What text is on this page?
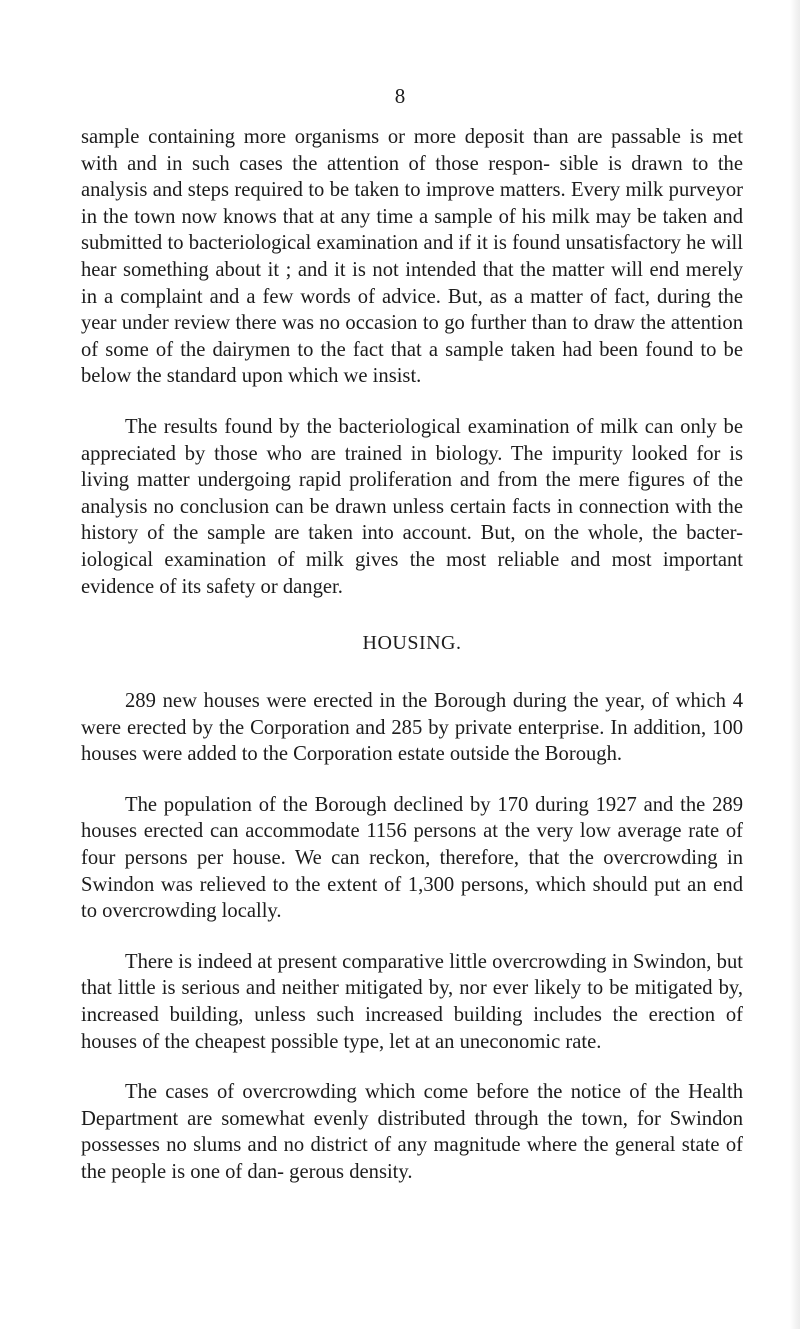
8

sample containing more organisms or more deposit than are passable is met with and in such cases the attention of those respon- sible is drawn to the analysis and steps required to be taken to improve matters. Every milk purveyor in the town now knows that at any time a sample of his milk may be taken and submitted to bacteriological examination and if it is found unsatisfactory he will hear something about it ; and it is not intended that the matter will end merely in a complaint and a few words of advice. But, as a matter of fact, during the year under review there was no occasion to go further than to draw the attention of some of the dairymen to the fact that a sample taken had been found to be below the standard upon which we insist.

The results found by the bacteriological examination of milk can only be appreciated by those who are trained in biology. The impurity looked for is living matter undergoing rapid proliferation and from the mere figures of the analysis no conclusion can be drawn unless certain facts in connection with the history of the sample are taken into account. But, on the whole, the bacter- iological examination of milk gives the most reliable and most important evidence of its safety or danger.

HOUSING.

289 new houses were erected in the Borough during the year, of which 4 were erected by the Corporation and 285 by private enterprise. In addition, 100 houses were added to the Corporation estate outside the Borough.

The population of the Borough declined by 170 during 1927 and the 289 houses erected can accommodate 1156 persons at the very low average rate of four persons per house. We can reckon, therefore, that the overcrowding in Swindon was relieved to the extent of 1,300 persons, which should put an end to overcrowding locally.

There is indeed at present comparative little overcrowding in Swindon, but that little is serious and neither mitigated by, nor ever likely to be mitigated by, increased building, unless such increased building includes the erection of houses of the cheapest possible type, let at an uneconomic rate.

The cases of overcrowding which come before the notice of the Health Department are somewhat evenly distributed through the town, for Swindon possesses no slums and no district of any magnitude where the general state of the people is one of dan- gerous density.
